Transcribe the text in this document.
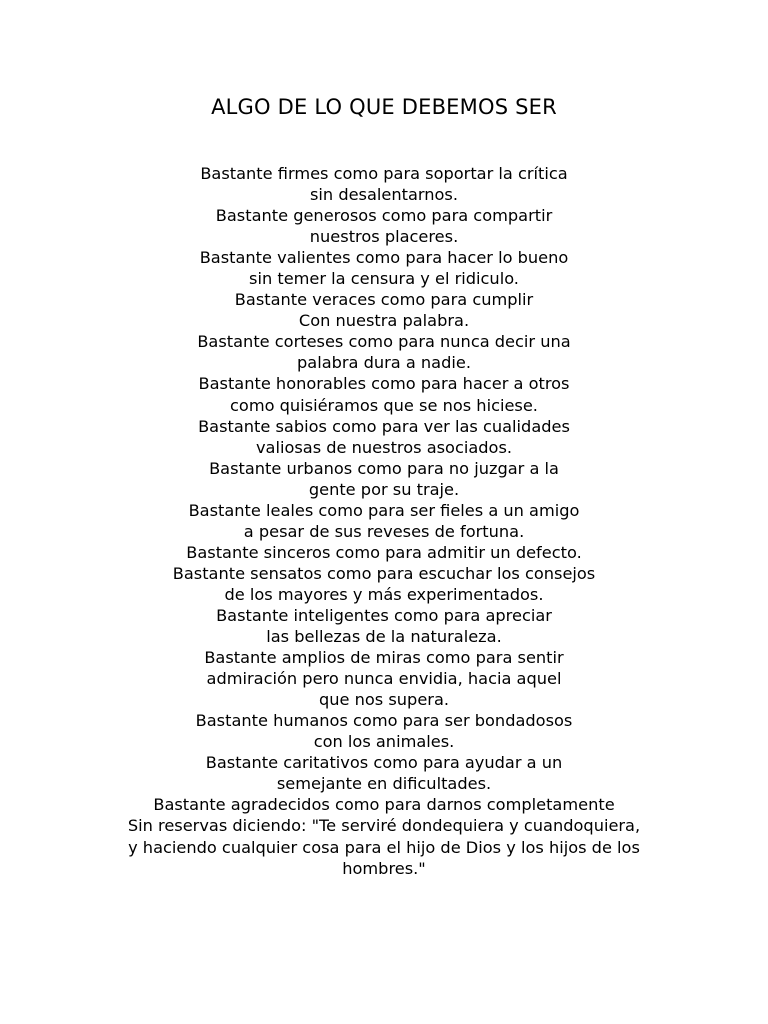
ALGO DE LO QUE DEBEMOS SER
Bastante firmes como para soportar la crítica
sin desalentarnos.
Bastante generosos como para compartir
nuestros placeres.
Bastante valientes como para hacer lo bueno
sin temer la censura y el ridiculo.
Bastante veraces como para cumplir
Con nuestra palabra.
Bastante corteses como para nunca decir una
palabra dura a nadie.
Bastante honorables como para hacer a otros
como quisiéramos que se nos hiciese.
Bastante sabios como para ver las cualidades
valiosas de nuestros asociados.
Bastante urbanos como para no juzgar a la
gente por su traje.
Bastante leales como para ser fieles a un amigo
a pesar de sus reveses de fortuna.
Bastante sinceros como para admitir un defecto.
Bastante sensatos como para escuchar los consejos
de los mayores y más experimentados.
Bastante inteligentes como para apreciar
las bellezas de la naturaleza.
Bastante amplios de miras como para sentir
admiración pero nunca envidia, hacia aquel
que nos supera.
Bastante humanos como para ser bondadosos
con los animales.
Bastante caritativos como para ayudar a un
semejante en dificultades.
Bastante agradecidos como para darnos completamente
Sin reservas diciendo: "Te serviré dondequiera y cuandoquiera,
y haciendo cualquier cosa para el hijo de Dios y los hijos de los
hombres."
